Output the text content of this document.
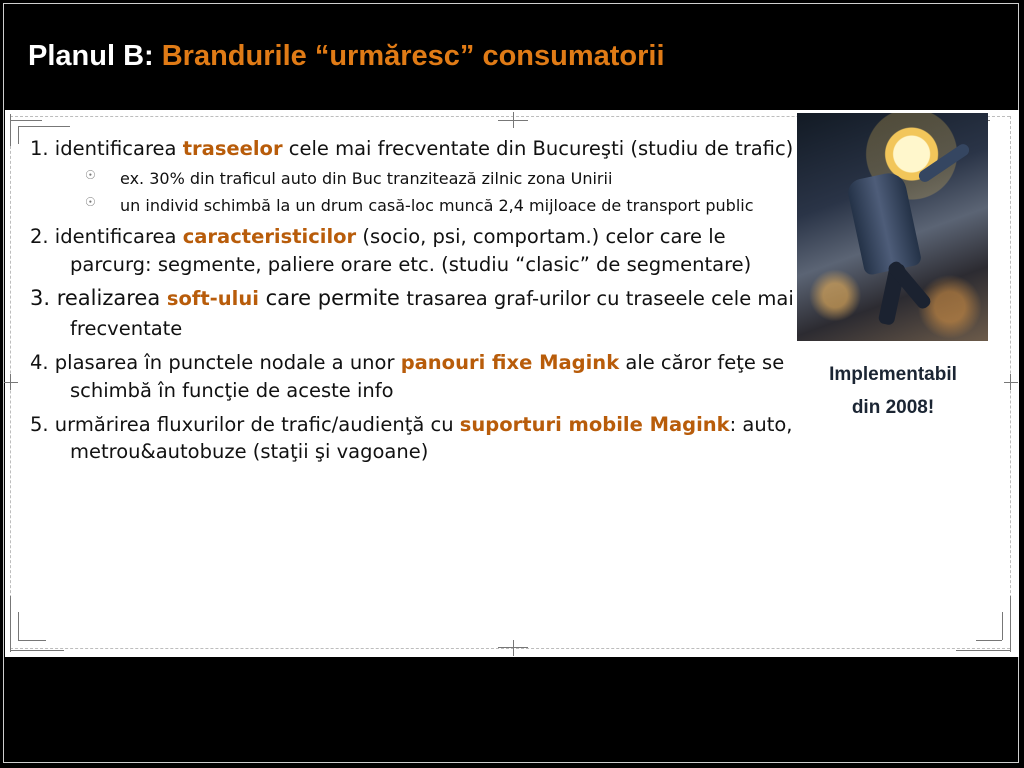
Planul B: Brandurile “urmăresc” consumatorii
Implementabil
din 2008!

1. identificarea traseelor cele mai frecventate din Bucureşti (studiu de trafic)

☉ ex. 30% din traficul auto din Buc tranzitează zilnic zona Unirii

☉ un individ schimbă la un drum casă-loc muncă 2,4 mijloace de transport public

2. identificarea caracteristicilor (socio, psi, comportam.) celor care le parcurg: segmente, paliere orare etc. (studiu “clasic” de segmentare)

3. realizarea soft-ului care permite trasarea graf-urilor cu traseele cele mai frecventate

4. plasarea în punctele nodale a unor panouri fixe Magink ale căror feţe se schimbă în funcţie de aceste info

5. urmărirea fluxurilor de trafic/audienţă cu suporturi mobile Magink: auto, metrou&autobuze (staţii şi vagoane)
